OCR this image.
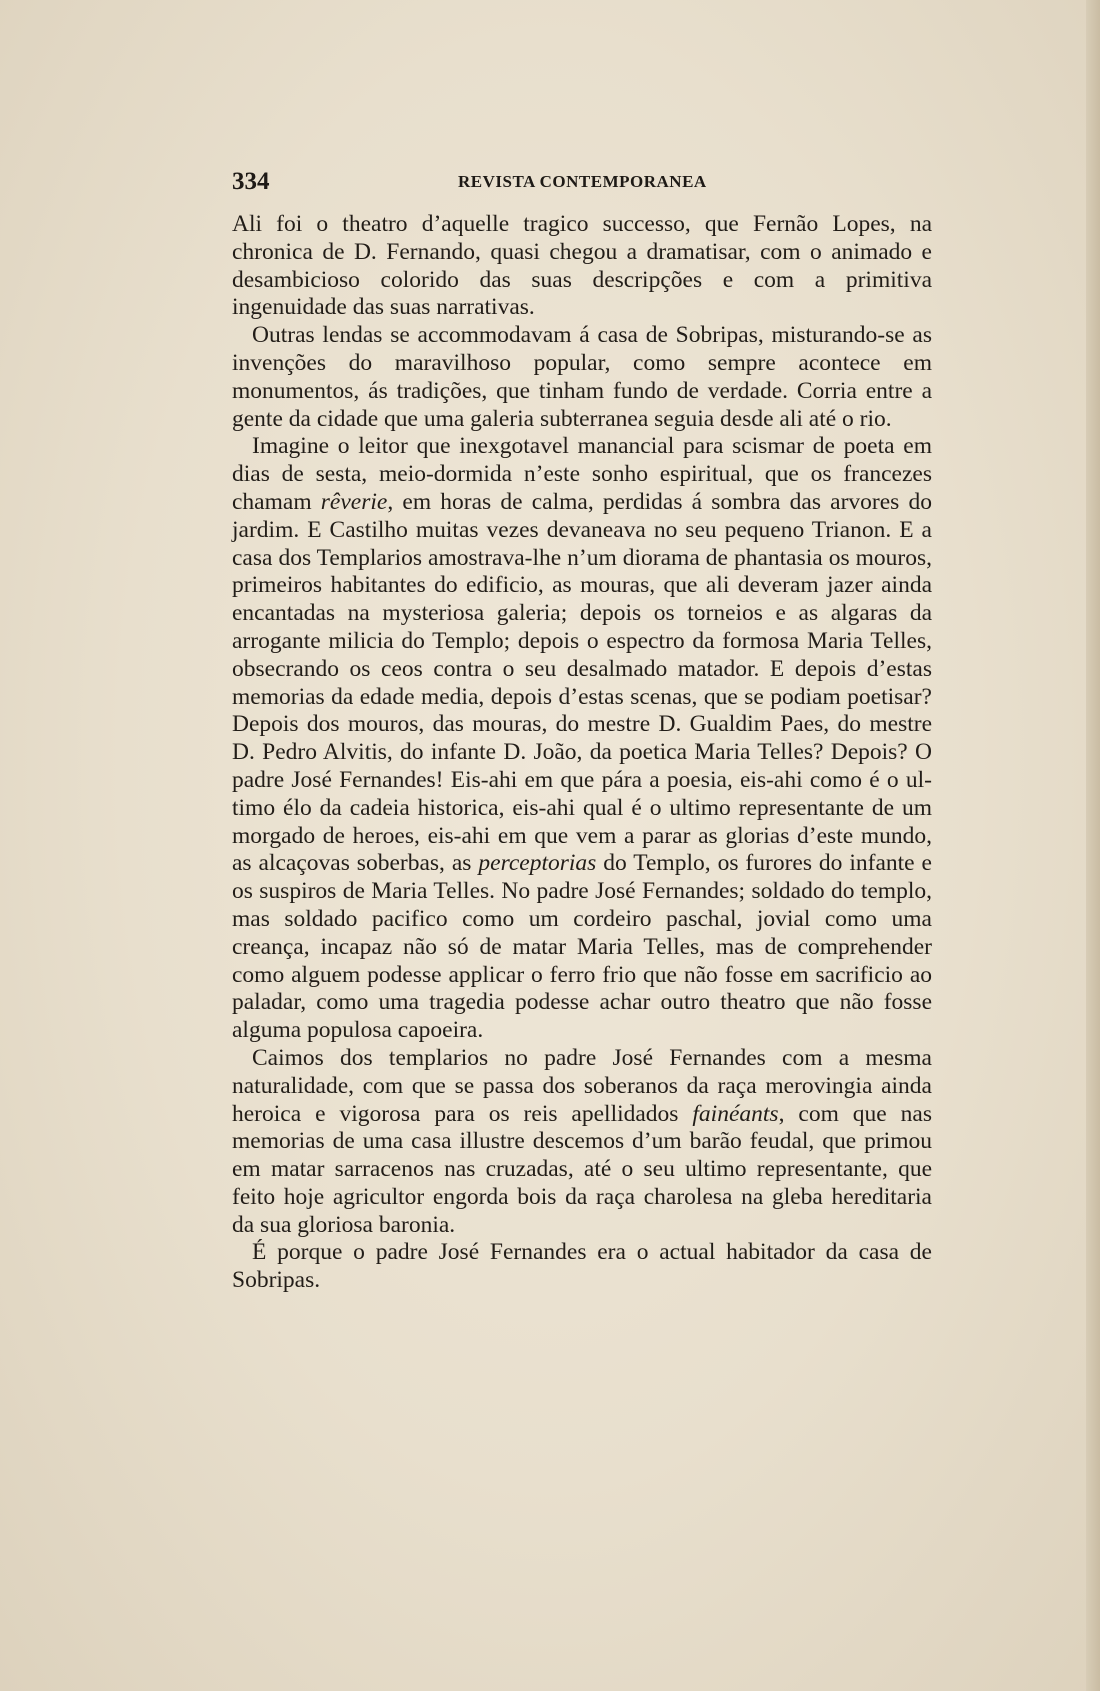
334	REVISTA CONTEMPORANEA

Ali foi o theatro d’aquelle tragico successo, que Fernão Lopes, na chronica de D. Fernando, quasi chegou a dramatisar, com o animado e desambicioso colorido das suas descripções e com a primitiva ingenuidade das suas narrativas.

Outras lendas se accommodavam á casa de Sobripas, misturando-se as invenções do maravilhoso popular, como sempre acontece em monumentos, ás tradições, que tinham fundo de verdade. Corria entre a gente da cidade que uma galeria subterranea seguia desde ali até o rio.

Imagine o leitor que inexgotavel manancial para scismar de poeta em dias de sesta, meio-dormida n’este sonho espiritual, que os francezes chamam rêverie, em horas de calma, perdidas á sombra das arvores do jardim. E Castilho muitas vezes devaneava no seu pequeno Trianon. E a casa dos Templarios amostrava-lhe n’um diorama de phantasia os mouros, primeiros habitantes do edificio, as mouras, que ali deveram jazer ainda encantadas na mysteriosa galeria; depois os torneios e as algaras da arrogante milicia do Templo; depois o espectro da formosa Maria Telles, obsecrando os ceos contra o seu desalmado matador. E depois d’estas memorias da edade media, depois d’estas scenas, que se podiam poetisar? Depois dos mouros, das mouras, do mestre D. Gualdim Paes, do mestre D. Pedro Alvitis, do infante D. João, da poetica Maria Telles? Depois? O padre José Fernandes! Eis-ahi em que pára a poesia, eis-ahi como é o ultimo élo da cadeia historica, eis-ahi qual é o ultimo representante de um morgado de heroes, eis-ahi em que vem a parar as glorias d’este mundo, as alcaçovas soberbas, as perceptorias do Templo, os furores do infante e os suspiros de Maria Telles. No padre José Fernandes; soldado do templo, mas soldado pacifico como um cordeiro paschal, jovial como uma creança, incapaz não só de matar Maria Telles, mas de comprehender como alguem podesse applicar o ferro frio que não fosse em sacrificio ao paladar, como uma tragedia podesse achar outro theatro que não fosse alguma populosa capoeira.

Caimos dos templarios no padre José Fernandes com a mesma naturalidade, com que se passa dos soberanos da raça merovingia ainda heroica e vigorosa para os reis apellidados fainéants, com que nas memorias de uma casa illustre descemos d’um barão feudal, que primou em matar sarracenos nas cruzadas, até o seu ultimo representante, que feito hoje agricultor engorda bois da raça charolesa na gleba hereditaria da sua gloriosa baronia.

É porque o padre José Fernandes era o actual habitador da casa de Sobripas.
